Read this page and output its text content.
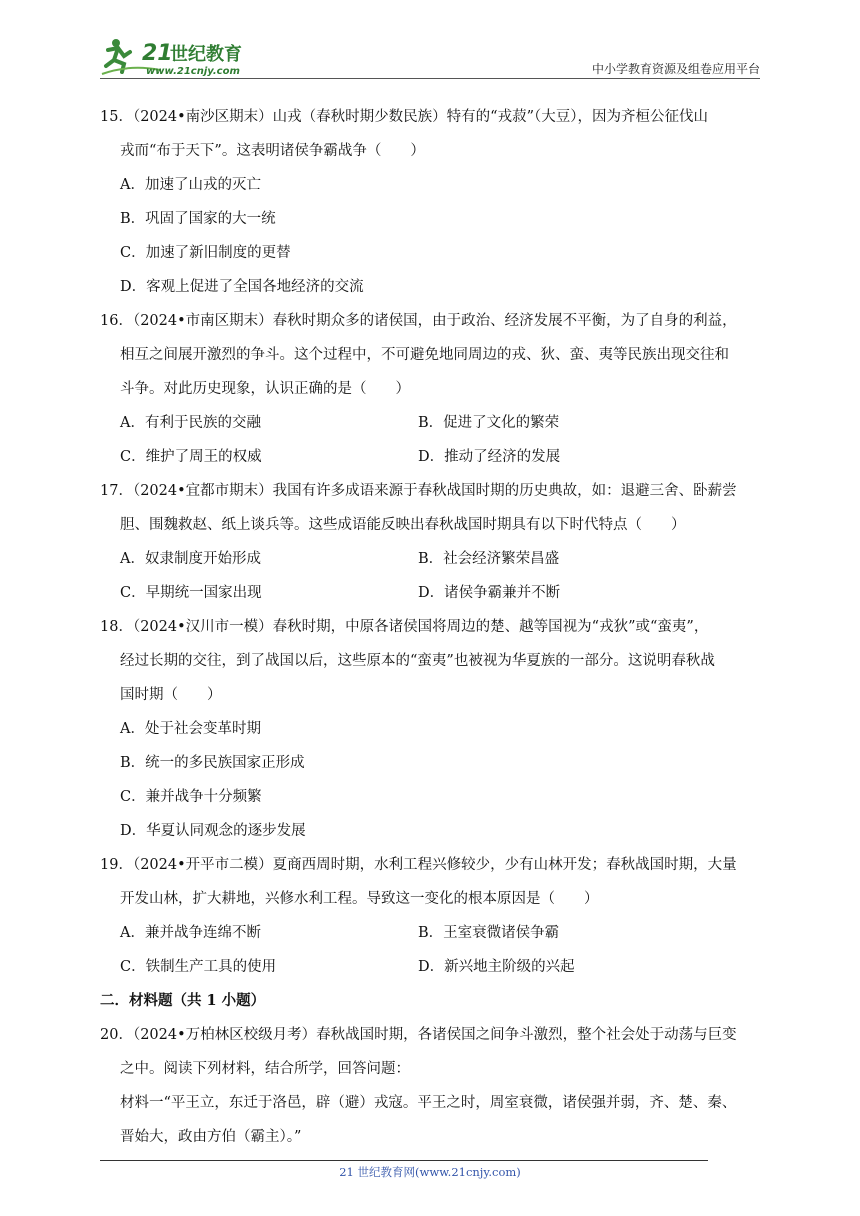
21
世纪教育
www.21cnjy.com	中小学教育资源及组卷应用平台
15．（2024•南沙区期末）山戎（春秋时期少数民族）特有的“戎菽”（大豆），因为齐桓公征伐山
戎而“布于天下”。这表明诸侯争霸战争（　　）
A．加速了山戎的灭亡
B．巩固了国家的大一统
C．加速了新旧制度的更替
D．客观上促进了全国各地经济的交流
16．（2024•市南区期末）春秋时期众多的诸侯国，由于政治、经济发展不平衡，为了自身的利益，
相互之间展开激烈的争斗。这个过程中，不可避免地同周边的戎、狄、蛮、夷等民族出现交往和
斗争。对此历史现象，认识正确的是（　　）
A．有利于民族的交融	B．促进了文化的繁荣
C．维护了周王的权威	D．推动了经济的发展
17．（2024•宜都市期末）我国有许多成语来源于春秋战国时期的历史典故，如：退避三舍、卧薪尝
胆、围魏救赵、纸上谈兵等。这些成语能反映出春秋战国时期具有以下时代特点（　　）
A．奴隶制度开始形成	B．社会经济繁荣昌盛
C．早期统一国家出现	D．诸侯争霸兼并不断
18．（2024•汉川市一模）春秋时期，中原各诸侯国将周边的楚、越等国视为“戎狄”或“蛮夷”，
经过长期的交往，到了战国以后，这些原本的“蛮夷”也被视为华夏族的一部分。这说明春秋战
国时期（　　）
A．处于社会变革时期
B．统一的多民族国家正形成
C．兼并战争十分频繁
D．华夏认同观念的逐步发展
19．（2024•开平市二模）夏商西周时期，水利工程兴修较少，少有山林开发；春秋战国时期，大量
开发山林，扩大耕地，兴修水利工程。导致这一变化的根本原因是（　　）
A．兼并战争连绵不断	B．王室衰微诸侯争霸
C．铁制生产工具的使用	D．新兴地主阶级的兴起
二．材料题（共 1 小题）
20．（2024•万柏林区校级月考）春秋战国时期，各诸侯国之间争斗激烈，整个社会处于动荡与巨变
之中。阅读下列材料，结合所学，回答问题：
材料一“平王立，东迁于洛邑，辟（避）戎寇。平王之时，周室衰微，诸侯强并弱，齐、楚、秦、
晋始大，政由方伯（霸主）。”
21 世纪教育网(www.21cnjy.com)
